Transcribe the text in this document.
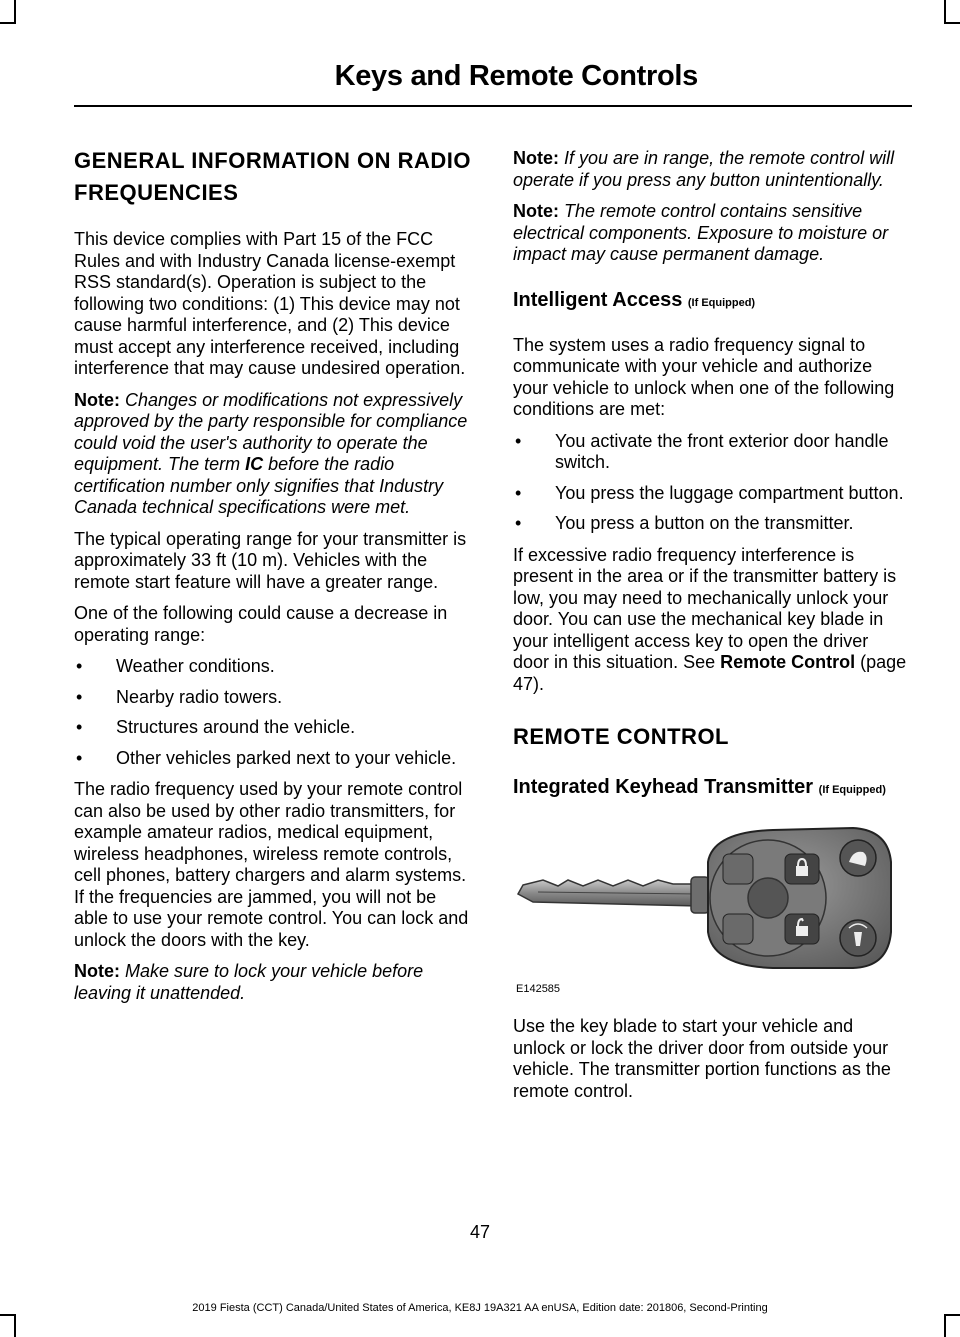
Keys and Remote Controls
GENERAL INFORMATION ON RADIO FREQUENCIES

This device complies with Part 15 of the FCC Rules and with Industry Canada license-exempt RSS standard(s). Operation is subject to the following two conditions: (1) This device may not cause harmful interference, and (2) This device must accept any interference received, including interference that may cause undesired operation.

Note: Changes or modifications not expressively approved by the party responsible for compliance could void the user's authority to operate the equipment. The term IC before the radio certification number only signifies that Industry Canada technical specifications were met.

The typical operating range for your transmitter is approximately 33 ft (10 m). Vehicles with the remote start feature will have a greater range.

One of the following could cause a decrease in operating range:

• Weather conditions.
• Nearby radio towers.
• Structures around the vehicle.
• Other vehicles parked next to your vehicle.

The radio frequency used by your remote control can also be used by other radio transmitters, for example amateur radios, medical equipment, wireless headphones, wireless remote controls, cell phones, battery chargers and alarm systems. If the frequencies are jammed, you will not be able to use your remote control. You can lock and unlock the doors with the key.

Note: Make sure to lock your vehicle before leaving it unattended.

Note: If you are in range, the remote control will operate if you press any button unintentionally.

Note: The remote control contains sensitive electrical components. Exposure to moisture or impact may cause permanent damage.

Intelligent Access (If Equipped)

The system uses a radio frequency signal to communicate with your vehicle and authorize your vehicle to unlock when one of the following conditions are met:

• You activate the front exterior door handle switch.
• You press the luggage compartment button.
• You press a button on the transmitter.

If excessive radio frequency interference is present in the area or if the transmitter battery is low, you may need to mechanically unlock your door. You can use the mechanical key blade in your intelligent access key to open the driver door in this situation. See Remote Control (page 47).

REMOTE CONTROL
Integrated Keyhead Transmitter (If Equipped)
E142585

Use the key blade to start your vehicle and unlock or lock the driver door from outside your vehicle. The transmitter portion functions as the remote control.

47
2019 Fiesta (CCT) Canada/United States of America, KE8J 19A321 AA enUSA, Edition date: 201806, Second-Printing
